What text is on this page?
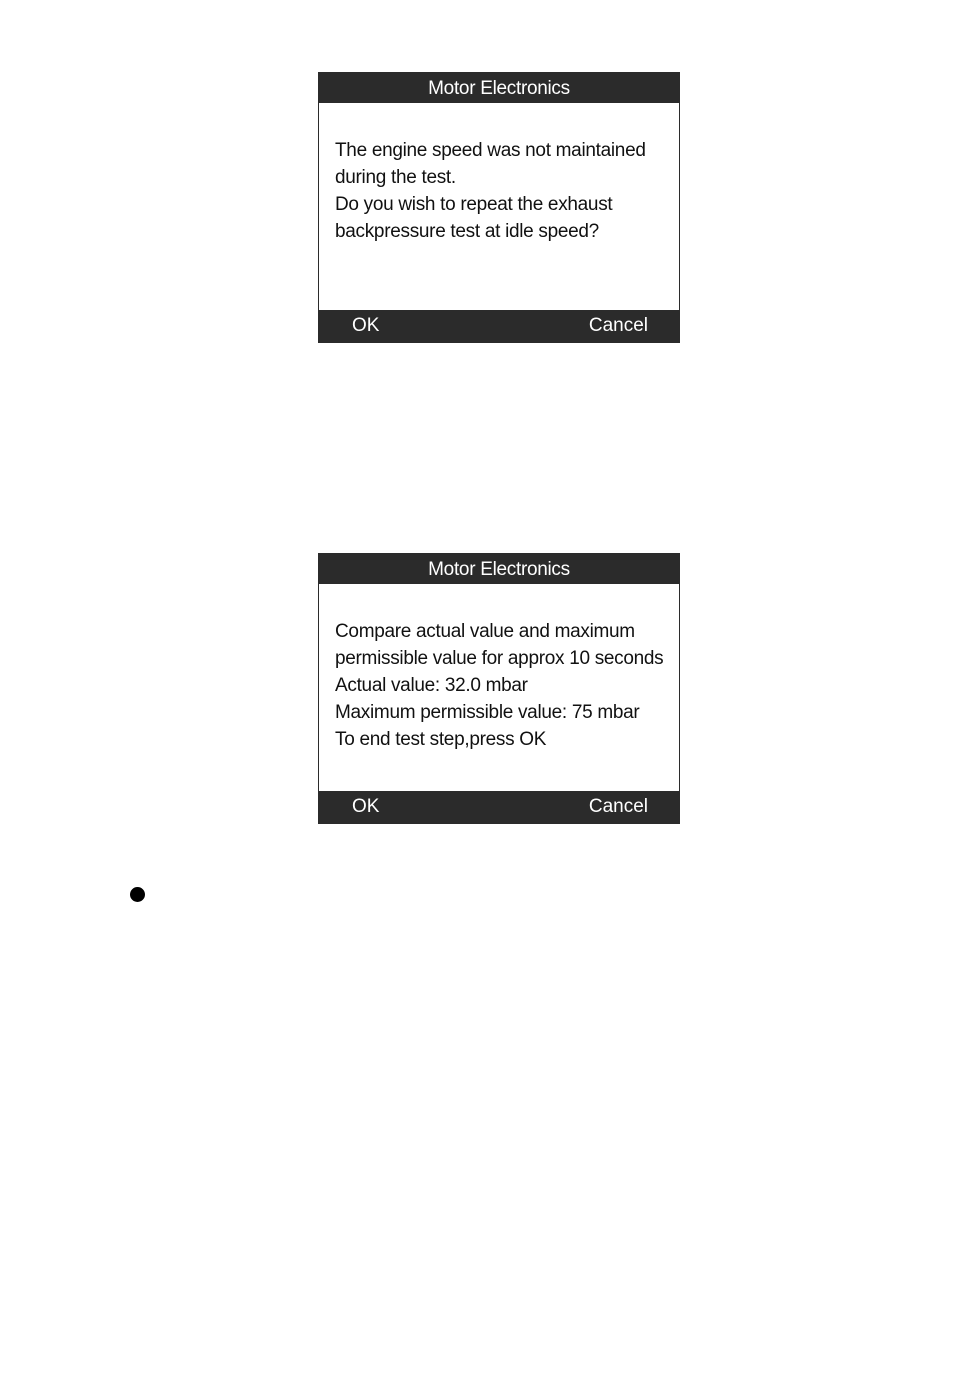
Motor Electronics
The engine speed was not maintained
during the test.
Do you wish to repeat the exhaust
backpressure test at idle speed?
OK	Cancel
Motor Electronics
Compare actual value and maximum
permissible value for approx 10 seconds
Actual value: 32.0 mbar
Maximum permissible value: 75 mbar
To end test step,press OK
OK	Cancel
